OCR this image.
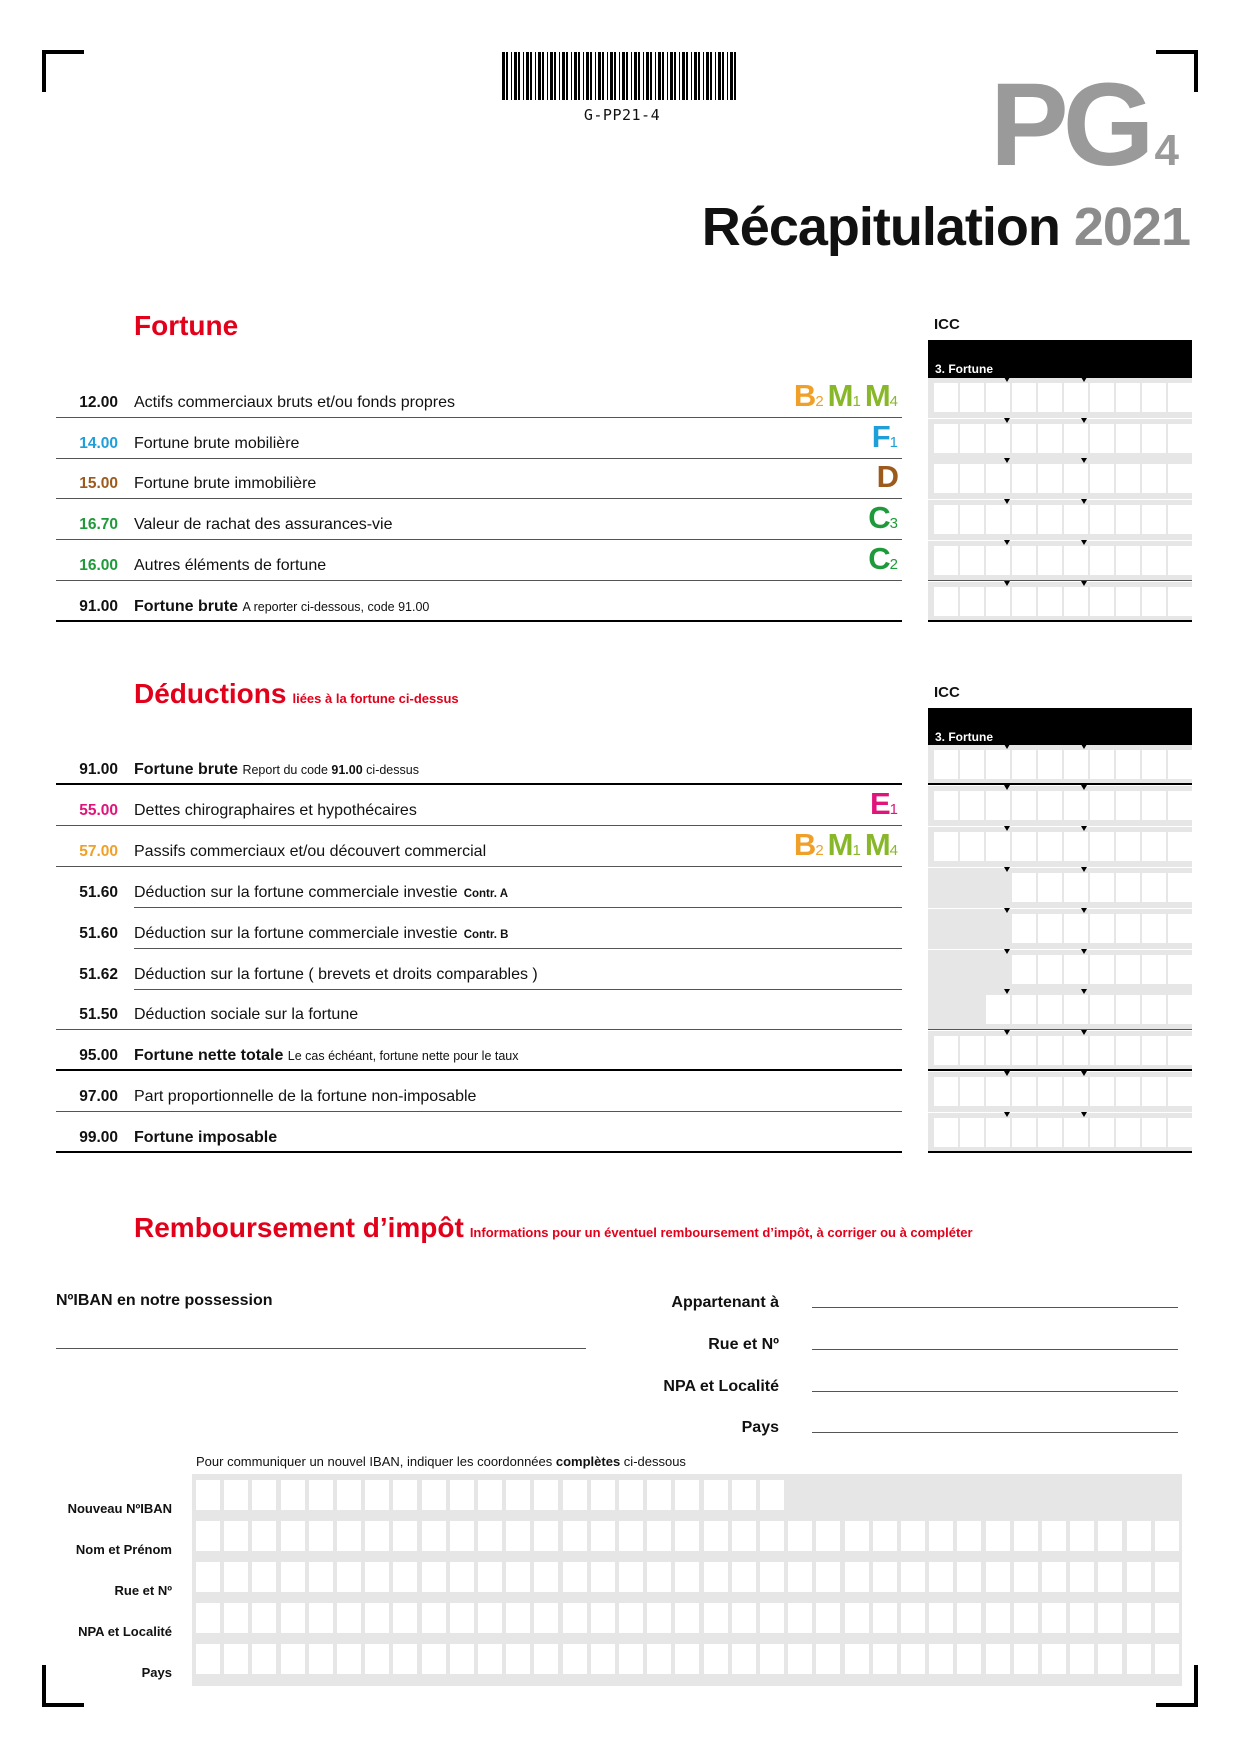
G-PP21-4	PG 4
Récapitulation 2021
Fortune	ICC
3. Fortune
12.00 Actifs commerciaux bruts et/ou fonds propres	B2 M1 M4
14.00 Fortune brute mobilière	F1
15.00 Fortune brute immobilière	D
16.70 Valeur de rachat des assurances-vie	C3
16.00 Autres éléments de fortune	C2
91.00 Fortune brute A reporter ci-dessous, code 91.00
Déductions liées à la fortune ci-dessus	ICC
3. Fortune
91.00 Fortune brute Report du code 91.00 ci-dessus
55.00 Dettes chirographaires et hypothécaires	E1
57.00 Passifs commerciaux et/ou découvert commercial	B2 M1 M4
51.60 Déduction sur la fortune commerciale investie Contr. A
51.60 Déduction sur la fortune commerciale investie Contr. B
51.62 Déduction sur la fortune ( brevets et droits comparables )
51.50 Déduction sociale sur la fortune
95.00 Fortune nette totale Le cas échéant, fortune nette pour le taux
97.00 Part proportionnelle de la fortune non-imposable
99.00 Fortune imposable
Remboursement d’impôt Informations pour un éventuel remboursement d’impôt, à corriger ou à compléter
NºIBAN en notre possession	Appartenant à
Rue et Nº
NPA et Localité
Pays
Pour communiquer un nouvel IBAN, indiquer les coordonnées complètes ci-dessous
Nouveau NºIBAN
Nom et Prénom
Rue et Nº
NPA et Localité
Pays
